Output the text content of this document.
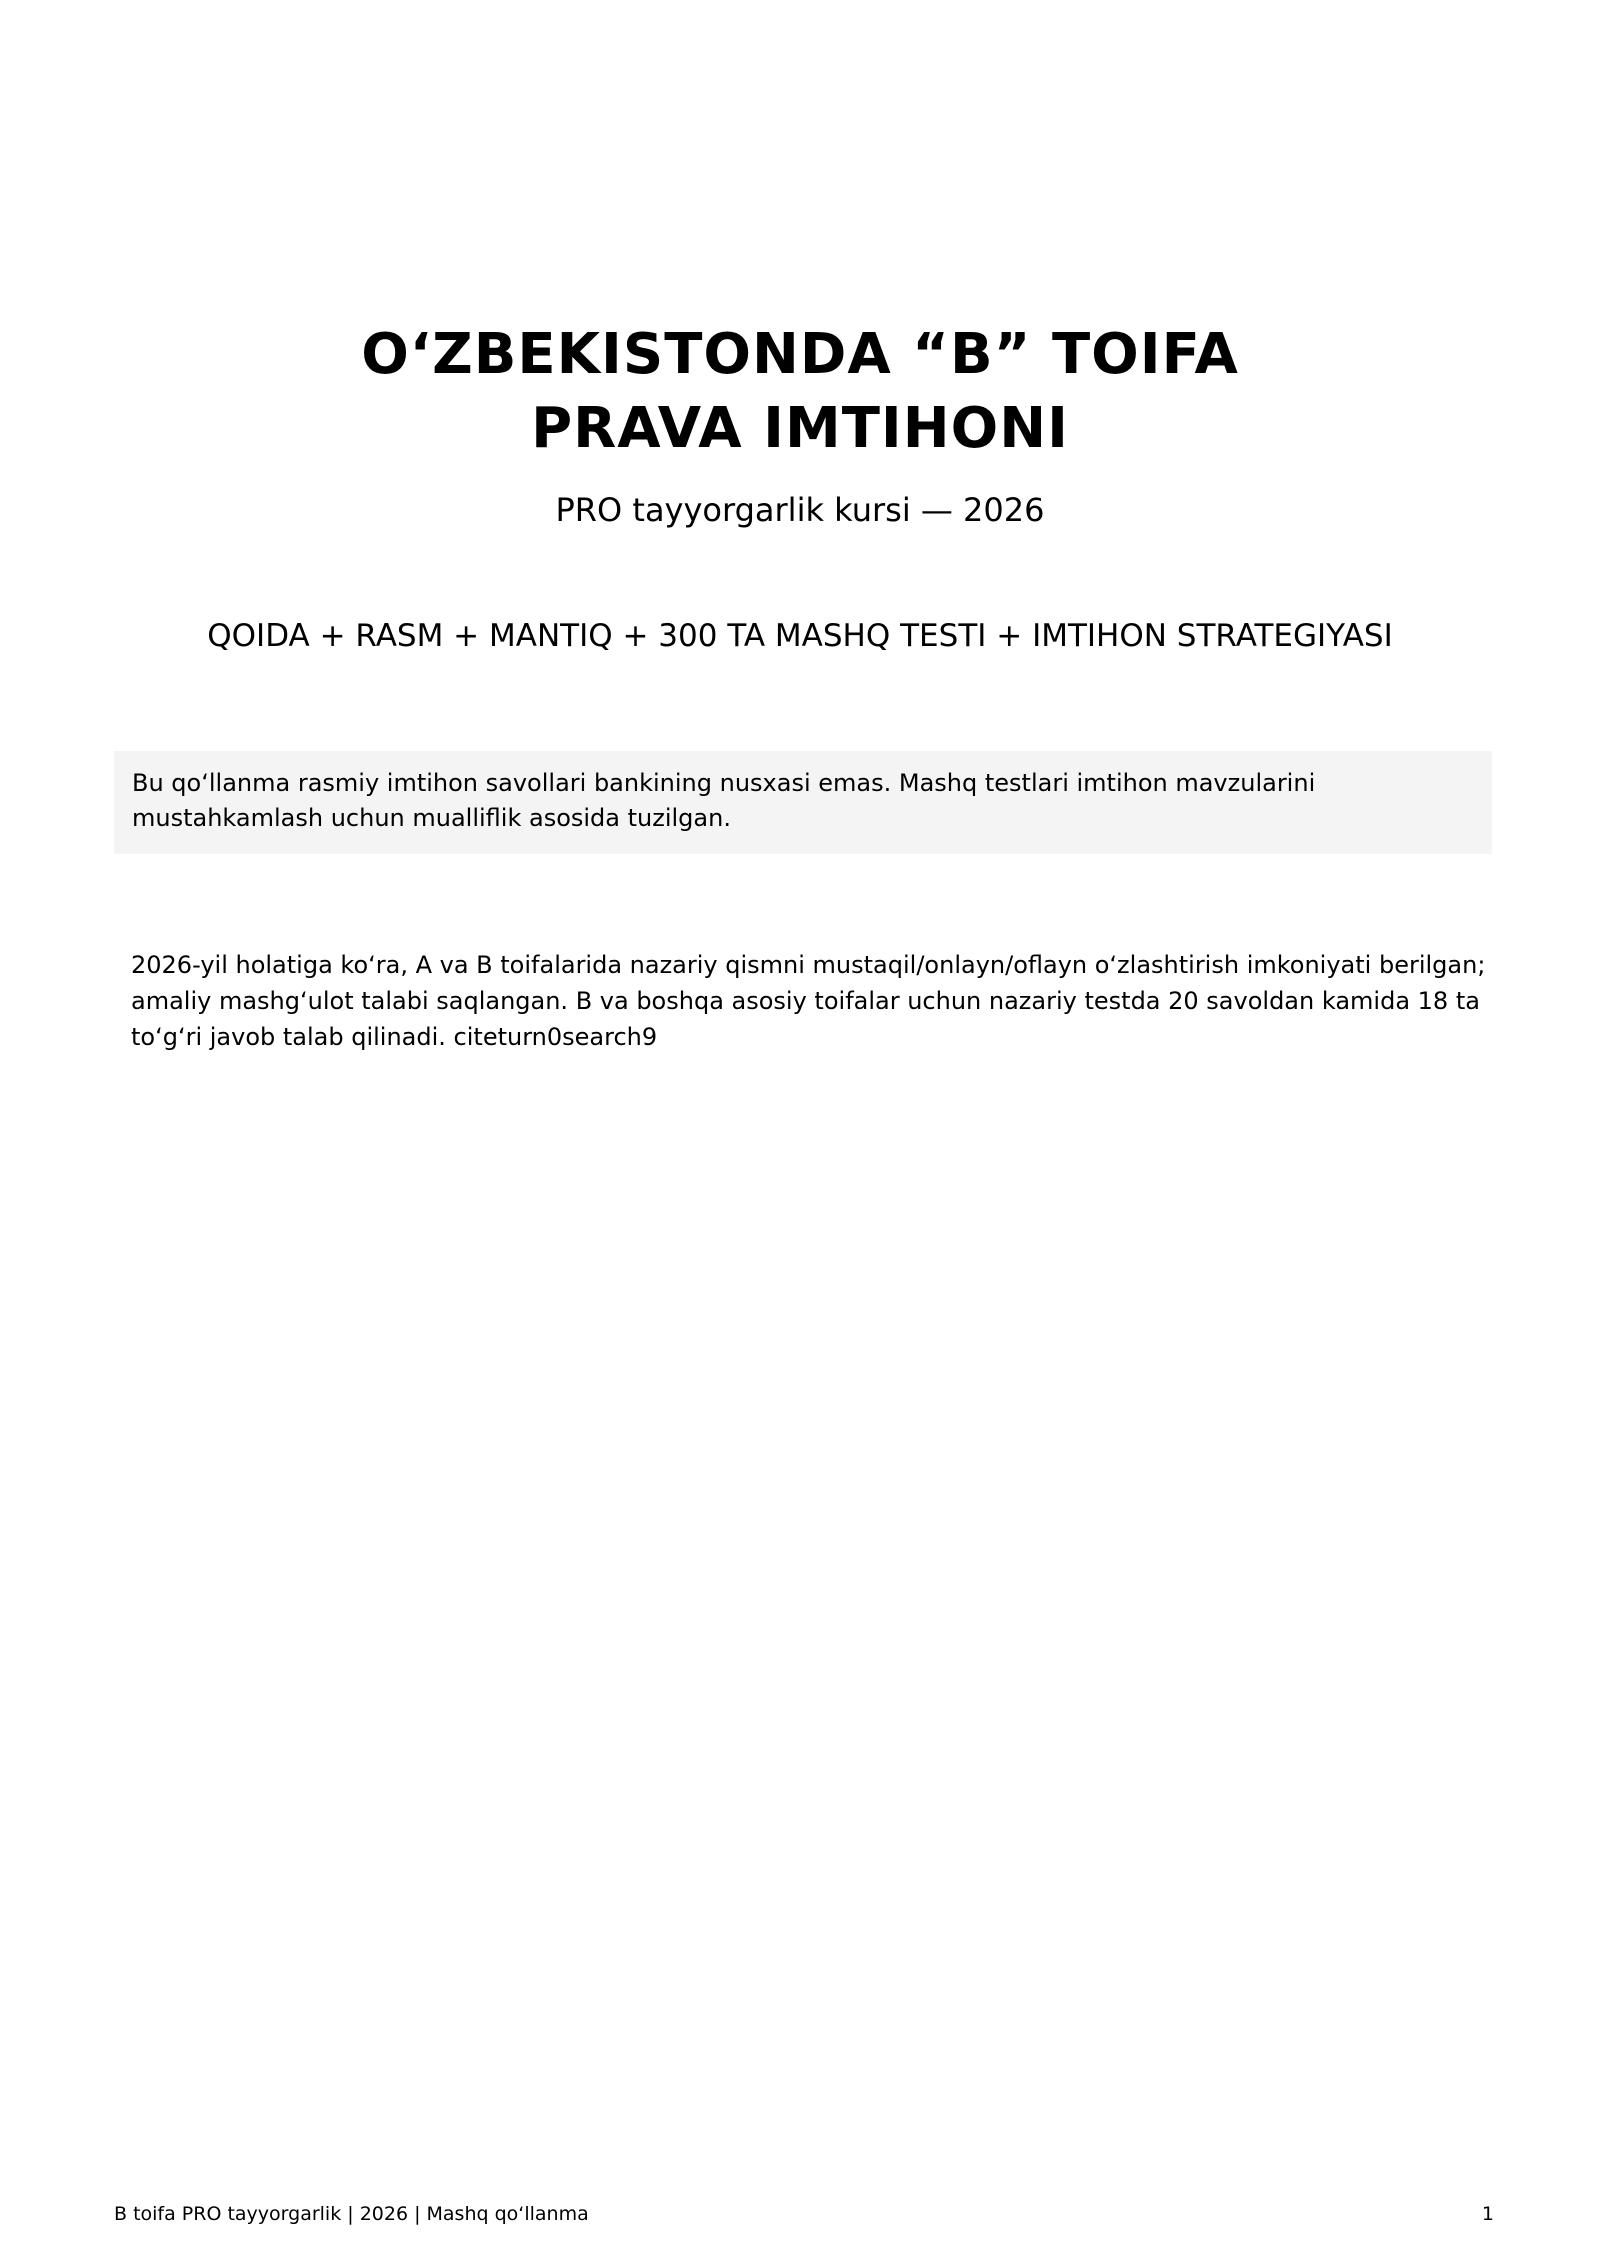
O‘ZBEKISTONDA “B” TOIFA
PRAVA IMTIHONI
PRO tayyorgarlik kursi — 2026
QOIDA + RASM + MANTIQ + 300 TA MASHQ TESTI + IMTIHON STRATEGIYASI
Bu qo‘llanma rasmiy imtihon savollari bankining nusxasi emas. Mashq testlari imtihon mavzularini mustahkamlash uchun mualliflik asosida tuzilgan.

2026-yil holatiga ko‘ra, A va B toifalarida nazariy qismni mustaqil/onlayn/oflayn o‘zlashtirish imkoniyati berilgan; amaliy mashg‘ulot talabi saqlangan. B va boshqa asosiy toifalar uchun nazariy testda 20 savoldan kamida 18 ta to‘g‘ri javob talab qilinadi. citeturn0search9

B toifa PRO tayyorgarlik | 2026 | Mashq qo‘llanma	1
